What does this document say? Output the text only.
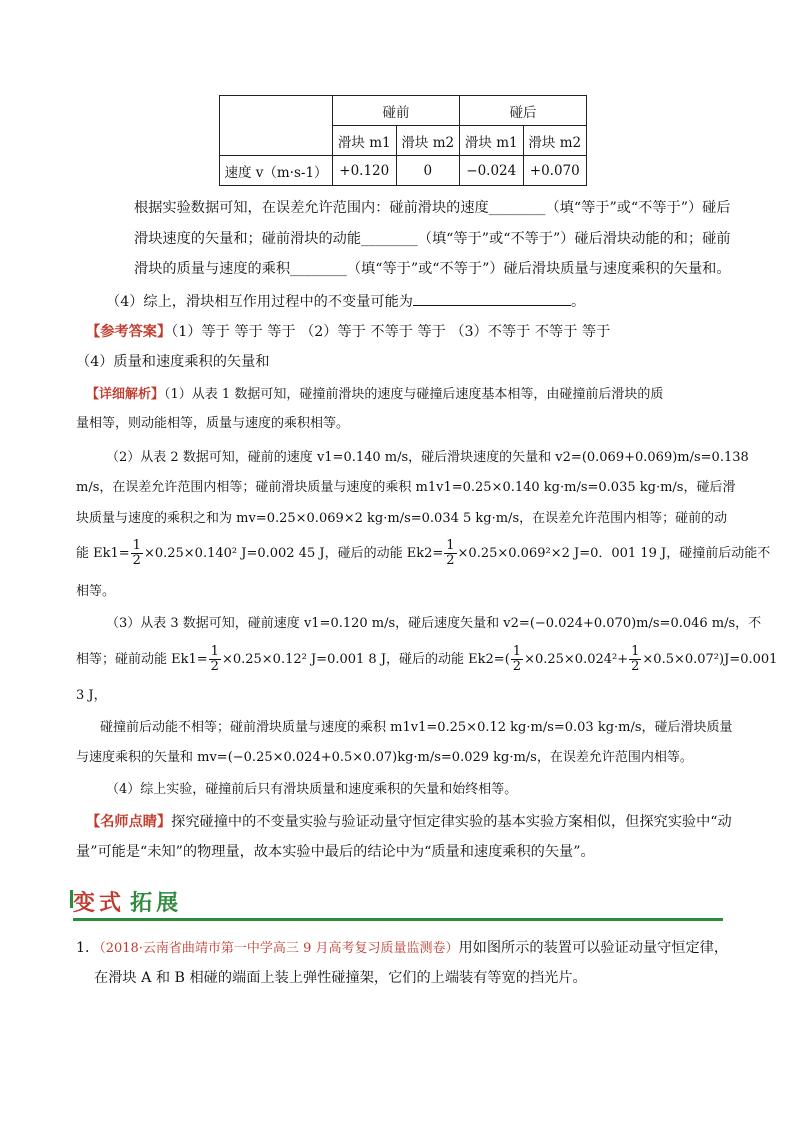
	碰前		碰后	
	滑块 m1	滑块 m2	滑块 m1	滑块 m2
速度 v（m·s-1）	+0.120	0	−0.024	+0.070
根据实验数据可知，在误差允许范围内：碰前滑块的速度________（填“等于”或“不等于”）碰后
滑块速度的矢量和；碰前滑块的动能________（填“等于”或“不等于”）碰后滑块动能的和；碰前
滑块的质量与速度的乘积________（填“等于”或“不等于”）碰后滑块质量与速度乘积的矢量和。
（4）综上，滑块相互作用过程中的不变量可能为	。
【参考答案】（1）等于 等于 等于 （2）等于 不等于 等于 （3）不等于 不等于 等于
（4）质量和速度乘积的矢量和
【详细解析】（1）从表 1 数据可知，碰撞前滑块的速度与碰撞后速度基本相等，由碰撞前后滑块的质
量相等，则动能相等，质量与速度的乘积相等。
（2）从表 2 数据可知，碰前的速度 v1=0.140 m/s，碰后滑块速度的矢量和 v2=(0.069+0.069)m/s=0.138
m/s，在误差允许范围内相等；碰前滑块质量与速度的乘积 m1v1=0.25×0.140 kg·m/s=0.035 kg·m/s，碰后滑
块质量与速度的乘积之和为 mv=0.25×0.069×2 kg·m/s=0.034 5 kg·m/s，在误差允许范围内相等；碰前的动
能 $Ek1= \frac{1}{2} \times 0.25\times 0.140^2$ J=0.002 45 J，碰后的动能 $Ek2= \frac{1}{2} \times 0.25\times 0.069^2\times 2$ J=0．001 19 J，碰撞前后动能不
相等。
（3）从表 3 数据可知，碰前速度 v1=0.120 m/s，碰后速度矢量和 v2=(−0.024+0.070)m/s=0.046 m/s，不
相等；碰前动能 $Ek1= \frac{1}{2} \times 0.25\times 0.12^2$ J=0.001 8 J，碰后的动能 $Ek2=( \frac{1}{2} \times 0.25\times 0.024^2+ \frac{1}{2} \times 0.5\times 0.07^2)J=0.001$
3 J，
碰撞前后动能不相等；碰前滑块质量与速度的乘积 m1v1=0.25×0.12 kg·m/s=0.03 kg·m/s，碰后滑块质量
与速度乘积的矢量和 mv=(−0.25×0.024+0.5×0.07)kg·m/s=0.029 kg·m/s，在误差允许范围内相等。
（4）综上实验，碰撞前后只有滑块质量和速度乘积的矢量和始终相等。
【名师点睛】探究碰撞中的不变量实验与验证动量守恒定律实验的基本实验方案相似，但探究实验中“动
量”可能是“未知”的物理量，故本实验中最后的结论中为“质量和速度乘积的矢量”。
变式 拓展
1．（2018·云南省曲靖市第一中学高三 9 月高考复习质量监测卷）用如图所示的装置可以验证动量守恒定律，
在滑块 A 和 B 相碰的端面上装上弹性碰撞架，它们的上端装有等宽的挡光片。
